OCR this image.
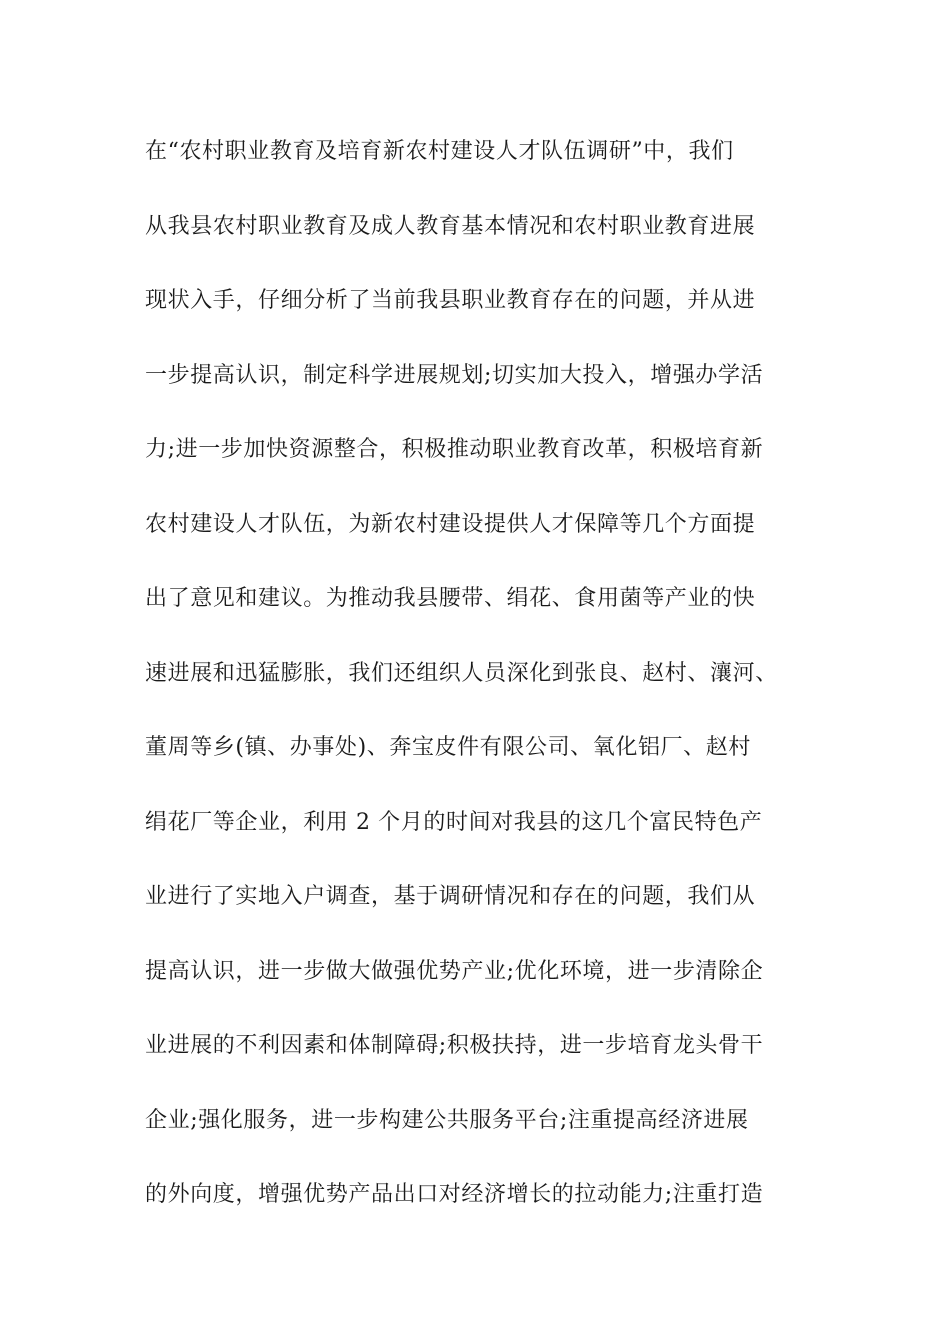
在“农村职业教育及培育新农村建设人才队伍调研”中，我们
从我县农村职业教育及成人教育基本情况和农村职业教育进展
现状入手，仔细分析了当前我县职业教育存在的问题，并从进
一步提高认识，制定科学进展规划;切实加大投入，增强办学活
力;进一步加快资源整合，积极推动职业教育改革，积极培育新
农村建设人才队伍，为新农村建设提供人才保障等几个方面提
出了意见和建议。为推动我县腰带、绢花、食用菌等产业的快
速进展和迅猛膨胀，我们还组织人员深化到张良、赵村、瀼河、
董周等乡(镇、办事处)、奔宝皮件有限公司、氧化铝厂、赵村
绢花厂等企业，利用 2 个月的时间对我县的这几个富民特色产
业进行了实地入户调查，基于调研情况和存在的问题，我们从
提高认识，进一步做大做强优势产业;优化环境，进一步清除企
业进展的不利因素和体制障碍;积极扶持，进一步培育龙头骨干
企业;强化服务，进一步构建公共服务平台;注重提高经济进展
的外向度，增强优势产品出口对经济增长的拉动能力;注重打造
